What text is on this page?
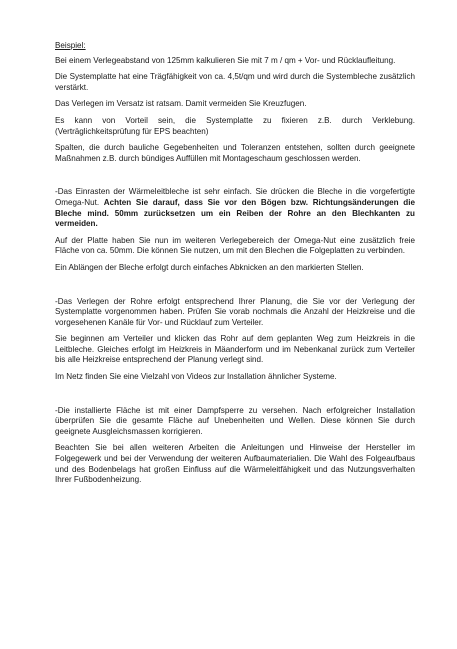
Beispiel:

Bei einem Verlegeabstand von 125mm kalkulieren Sie mit 7 m / qm + Vor- und Rücklaufleitung.

Die Systemplatte hat eine Trägfähigkeit von ca. 4,5t/qm und wird durch die Systembleche zusätzlich verstärkt.

Das Verlegen im Versatz ist ratsam. Damit vermeiden Sie Kreuzfugen.

Es kann von Vorteil sein, die Systemplatte zu fixieren z.B. durch Verklebung. (Verträglichkeitsprüfung für EPS beachten)

Spalten, die durch bauliche Gegebenheiten und Toleranzen entstehen, sollten durch geeignete Maßnahmen z.B. durch bündiges Auffüllen mit Montageschaum geschlossen werden.

-Das Einrasten der Wärmeleitbleche ist sehr einfach. Sie drücken die Bleche in die vorgefertigte Omega-Nut. Achten Sie darauf, dass Sie vor den Bögen bzw. Richtungsänderungen die Bleche mind. 50mm zurücksetzen um ein Reiben der Rohre an den Blechkanten zu vermeiden.

Auf der Platte haben Sie nun im weiteren Verlegebereich der Omega-Nut eine zusätzlich freie Fläche von ca. 50mm. Die können Sie nutzen, um mit den Blechen die Folgeplatten zu verbinden.

Ein Ablängen der Bleche erfolgt durch einfaches Abknicken an den markierten Stellen.

-Das Verlegen der Rohre erfolgt entsprechend Ihrer Planung, die Sie vor der Verlegung der Systemplatte vorgenommen haben. Prüfen Sie vorab nochmals die Anzahl der Heizkreise und die vorgesehenen Kanäle für Vor- und Rücklauf zum Verteiler.

Sie beginnen am Verteiler und klicken das Rohr auf dem geplanten Weg zum Heizkreis in die Leitbleche. Gleiches erfolgt im Heizkreis in Mäanderform und im Nebenkanal zurück zum Verteiler bis alle Heizkreise entsprechend der Planung verlegt sind.

Im Netz finden Sie eine Vielzahl von Videos zur Installation ähnlicher Systeme.

-Die installierte Fläche ist mit einer Dampfsperre zu versehen. Nach erfolgreicher Installation überprüfen Sie die gesamte Fläche auf Unebenheiten und Wellen. Diese können Sie durch geeignete Ausgleichsmassen korrigieren.

Beachten Sie bei allen weiteren Arbeiten die Anleitungen und Hinweise der Hersteller im Folgegewerk und bei der Verwendung der weiteren Aufbaumaterialien. Die Wahl des Folgeaufbaus und des Bodenbelags hat großen Einfluss auf die Wärmeleitfähigkeit und das Nutzungsverhalten Ihrer Fußbodenheizung.
